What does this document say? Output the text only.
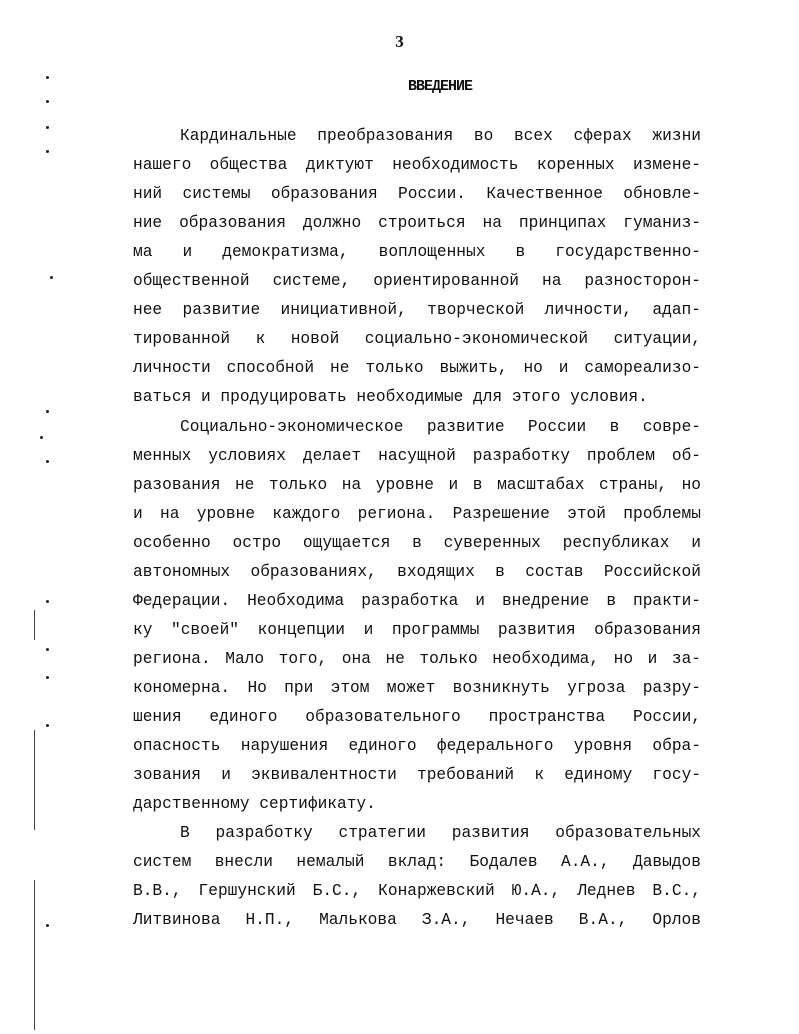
3
ВВЕДЕНИЕ
Кардинальные преобразования во всех сферах жизни
нашего общества диктуют необходимость коренных измене-
ний системы образования России. Качественное обновле-
ние образования должно строиться на принципах гуманиз-
ма и демократизма, воплощенных в государственно-
общественной системе, ориентированной на разносторон-
нее развитие инициативной, творческой личности, адап-
тированной к новой социально-экономической ситуации,
личности способной не только выжить, но и самореализо-
ваться и продуцировать необходимые для этого условия.
Социально-экономическое развитие России в совре-
менных условиях делает насущной разработку проблем об-
разования не только на уровне и в масштабах страны, но
и на уровне каждого региона. Разрешение этой проблемы
особенно остро ощущается в суверенных республиках и
автономных образованиях, входящих в состав Российской
Федерации. Необходима разработка и внедрение в практи-
ку "своей" концепции и программы развития образования
региона. Мало того, она не только необходима, но и за-
кономерна. Но при этом может возникнуть угроза разру-
шения единого образовательного пространства России,
опасность нарушения единого федерального уровня обра-
зования и эквивалентности требований к единому госу-
дарственному сертификату.
В разработку стратегии развития образовательных
систем внесли немалый вклад: Бодалев А.А., Давыдов
В.В., Гершунский Б.С., Конаржевский Ю.А., Леднев В.С.,
Литвинова Н.П., Малькова З.А., Нечаев В.А., Орлов
